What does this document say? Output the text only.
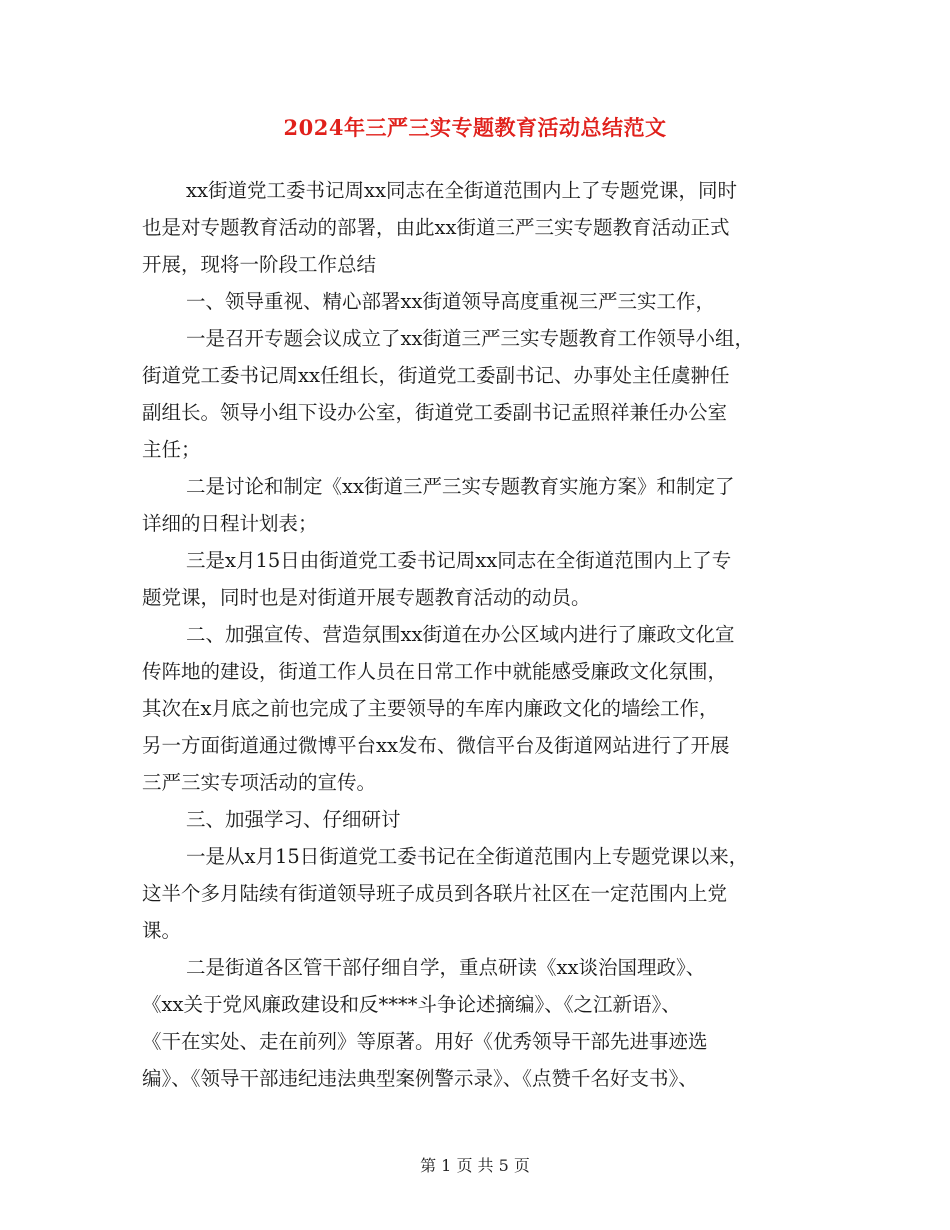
2024年三严三实专题教育活动总结范文
xx街道党工委书记周xx同志在全街道范围内上了专题党课，同时
也是对专题教育活动的部署，由此xx街道三严三实专题教育活动正式
开展，现将一阶段工作总结
一、领导重视、精心部署xx街道领导高度重视三严三实工作，
一是召开专题会议成立了xx街道三严三实专题教育工作领导小组，
街道党工委书记周xx任组长，街道党工委副书记、办事处主任虞翀任
副组长。领导小组下设办公室，街道党工委副书记孟照祥兼任办公室
主任；
二是讨论和制定《xx街道三严三实专题教育实施方案》和制定了
详细的日程计划表；
三是x月15日由街道党工委书记周xx同志在全街道范围内上了专
题党课，同时也是对街道开展专题教育活动的动员。
二、加强宣传、营造氛围xx街道在办公区域内进行了廉政文化宣
传阵地的建设，街道工作人员在日常工作中就能感受廉政文化氛围，
其次在x月底之前也完成了主要领导的车库内廉政文化的墙绘工作，
另一方面街道通过微博平台xx发布、微信平台及街道网站进行了开展
三严三实专项活动的宣传。
三、加强学习、仔细研讨
一是从x月15日街道党工委书记在全街道范围内上专题党课以来，
这半个多月陆续有街道领导班子成员到各联片社区在一定范围内上党
课。
二是街道各区管干部仔细自学，重点研读《xx谈治国理政》、
《xx关于党风廉政建设和反****斗争论述摘编》、《之江新语》、
《干在实处、走在前列》等原著。用好《优秀领导干部先进事迹选
编》、《领导干部违纪违法典型案例警示录》、《点赞千名好支书》、
第 1 页 共 5 页
